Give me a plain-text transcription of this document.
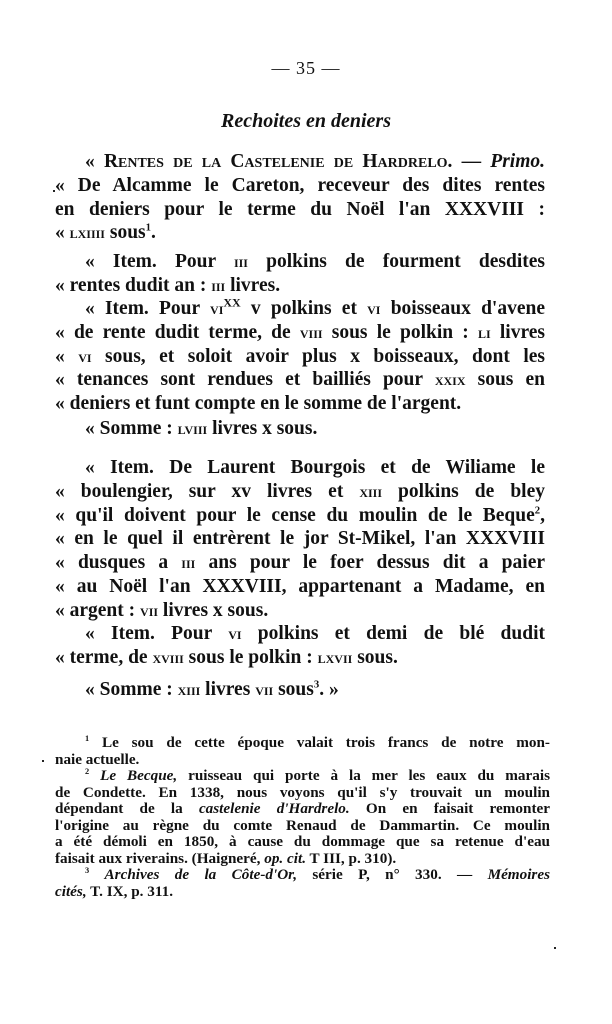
— 35 —
Rechoites en deniers
« Rentes de la Castelenie de Hardrelo. — Primo.
« De Alcamme le Careton, receveur des dites rentes
en deniers pour le terme du Noël l'an XXXVIII :
« lxiiii sous$^1$.
« Item. Pour iii polkins de fourment desdites
« rentes dudit an : iii livres.
« Item. Pour $vi^{xx}$ v polkins et vi boisseaux d'avene
« de rente dudit terme, de viii sous le polkin : li livres
« vi sous, et soloit avoir plus x boisseaux, dont les
« tenances sont rendues et bailliés pour xxix sous en
« deniers et funt compte en le somme de l'argent.
« Somme : lviii livres x sous.
« Item. De Laurent Bourgois et de Wiliame le
« boulengier, sur xv livres et xiii polkins de bley
« qu'il doivent pour le cense du moulin de le Beque$^2$,
« en le quel il entrèrent le jor St-Mikel, l'an XXXVIII
« dusques a iii ans pour le foer dessus dit a paier
« au Noël l'an XXXVIII, appartenant a Madame, en
« argent : vii livres x sous.
« Item. Pour vi polkins et demi de blé dudit
« terme, de xviii sous le polkin : lxvii sous.
« Somme : xiii livres vii sous$^3$. »
$^1$ Le sou de cette époque valait trois francs de notre mon-
naie actuelle.
$^2$ Le Becque, ruisseau qui porte à la mer les eaux du marais
de Condette. En 1338, nous voyons qu'il s'y trouvait un moulin
dépendant de la castelenie d'Hardrelo. On en faisait remonter
l'origine au règne du comte Renaud de Dammartin. Ce moulin
a été démoli en 1850, à cause du dommage que sa retenue d'eau
faisait aux riverains. (Haigneré, op. cit. T III, p. 310).
$^3$ Archives de la Côte-d'Or, série P, n° 330. — Mémoires
cités, T. IX, p. 311.
